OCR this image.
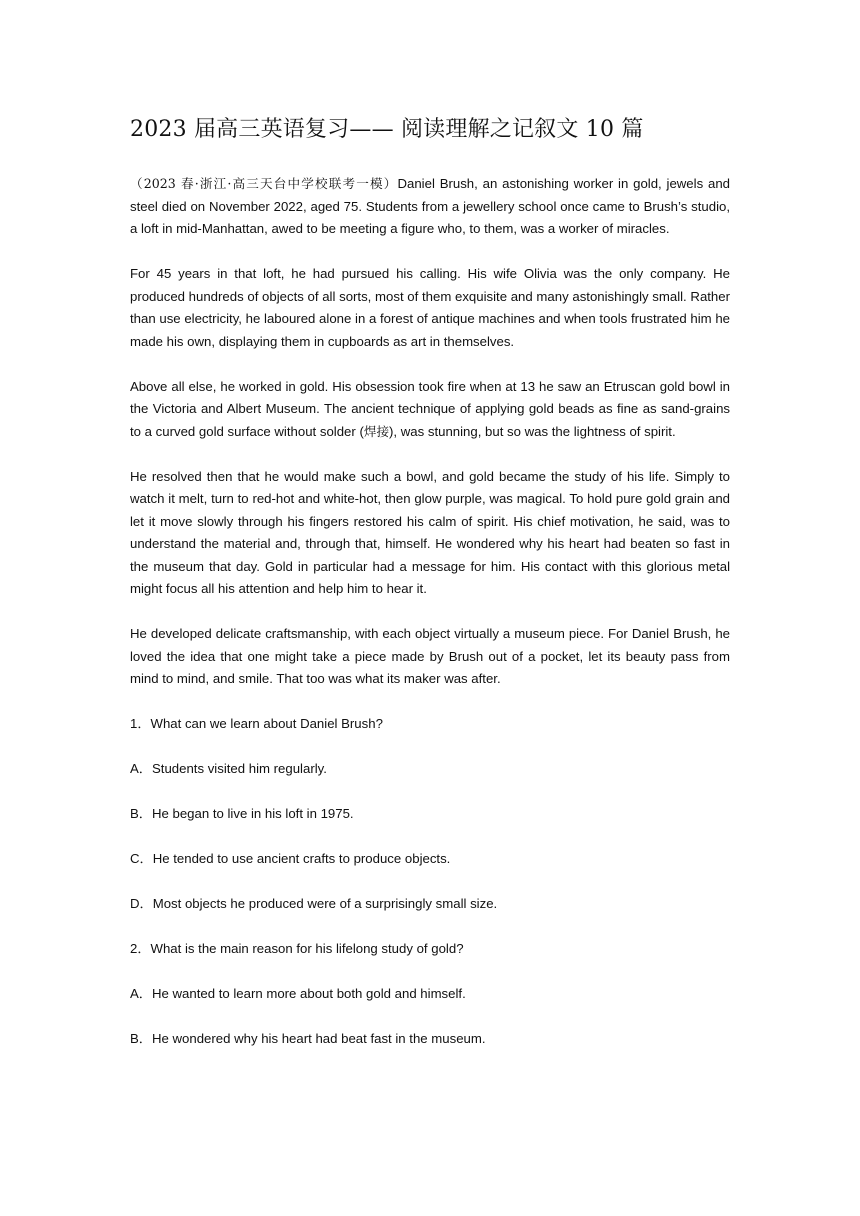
2023 届高三英语复习—— 阅读理解之记叙文 10 篇

（2023 春·浙江·高三天台中学校联考一模）Daniel Brush, an astonishing worker in gold, jewels and steel died on November 2022, aged 75. Students from a jewellery school once came to Brush’s studio, a loft in mid-Manhattan, awed to be meeting a figure who, to them, was a worker of miracles.

For 45 years in that loft, he had pursued his calling. His wife Olivia was the only company. He produced hundreds of objects of all sorts, most of them exquisite and many astonishingly small. Rather than use electricity, he laboured alone in a forest of antique machines and when tools frustrated him he made his own, displaying them in cupboards as art in themselves.

Above all else, he worked in gold. His obsession took fire when at 13 he saw an Etruscan gold bowl in the Victoria and Albert Museum. The ancient technique of applying gold beads as fine as sand-grains to a curved gold surface without solder (焊接), was stunning, but so was the lightness of spirit.

He resolved then that he would make such a bowl, and gold became the study of his life. Simply to watch it melt, turn to red-hot and white-hot, then glow purple, was magical. To hold pure gold grain and let it move slowly through his fingers restored his calm of spirit. His chief motivation, he said, was to understand the material and, through that, himself. He wondered why his heart had beaten so fast in the museum that day. Gold in particular had a message for him. His contact with this glorious metal might focus all his attention and help him to hear it.

He developed delicate craftsmanship, with each object virtually a museum piece. For Daniel Brush, he loved the idea that one might take a piece made by Brush out of a pocket, let its beauty pass from mind to mind, and smile. That too was what its maker was after.

1．What can we learn about Daniel Brush?

A．Students visited him regularly.

B．He began to live in his loft in 1975.

C．He tended to use ancient crafts to produce objects.

D．Most objects he produced were of a surprisingly small size.

2．What is the main reason for his lifelong study of gold?

A．He wanted to learn more about both gold and himself.

B．He wondered why his heart had beat fast in the museum.
